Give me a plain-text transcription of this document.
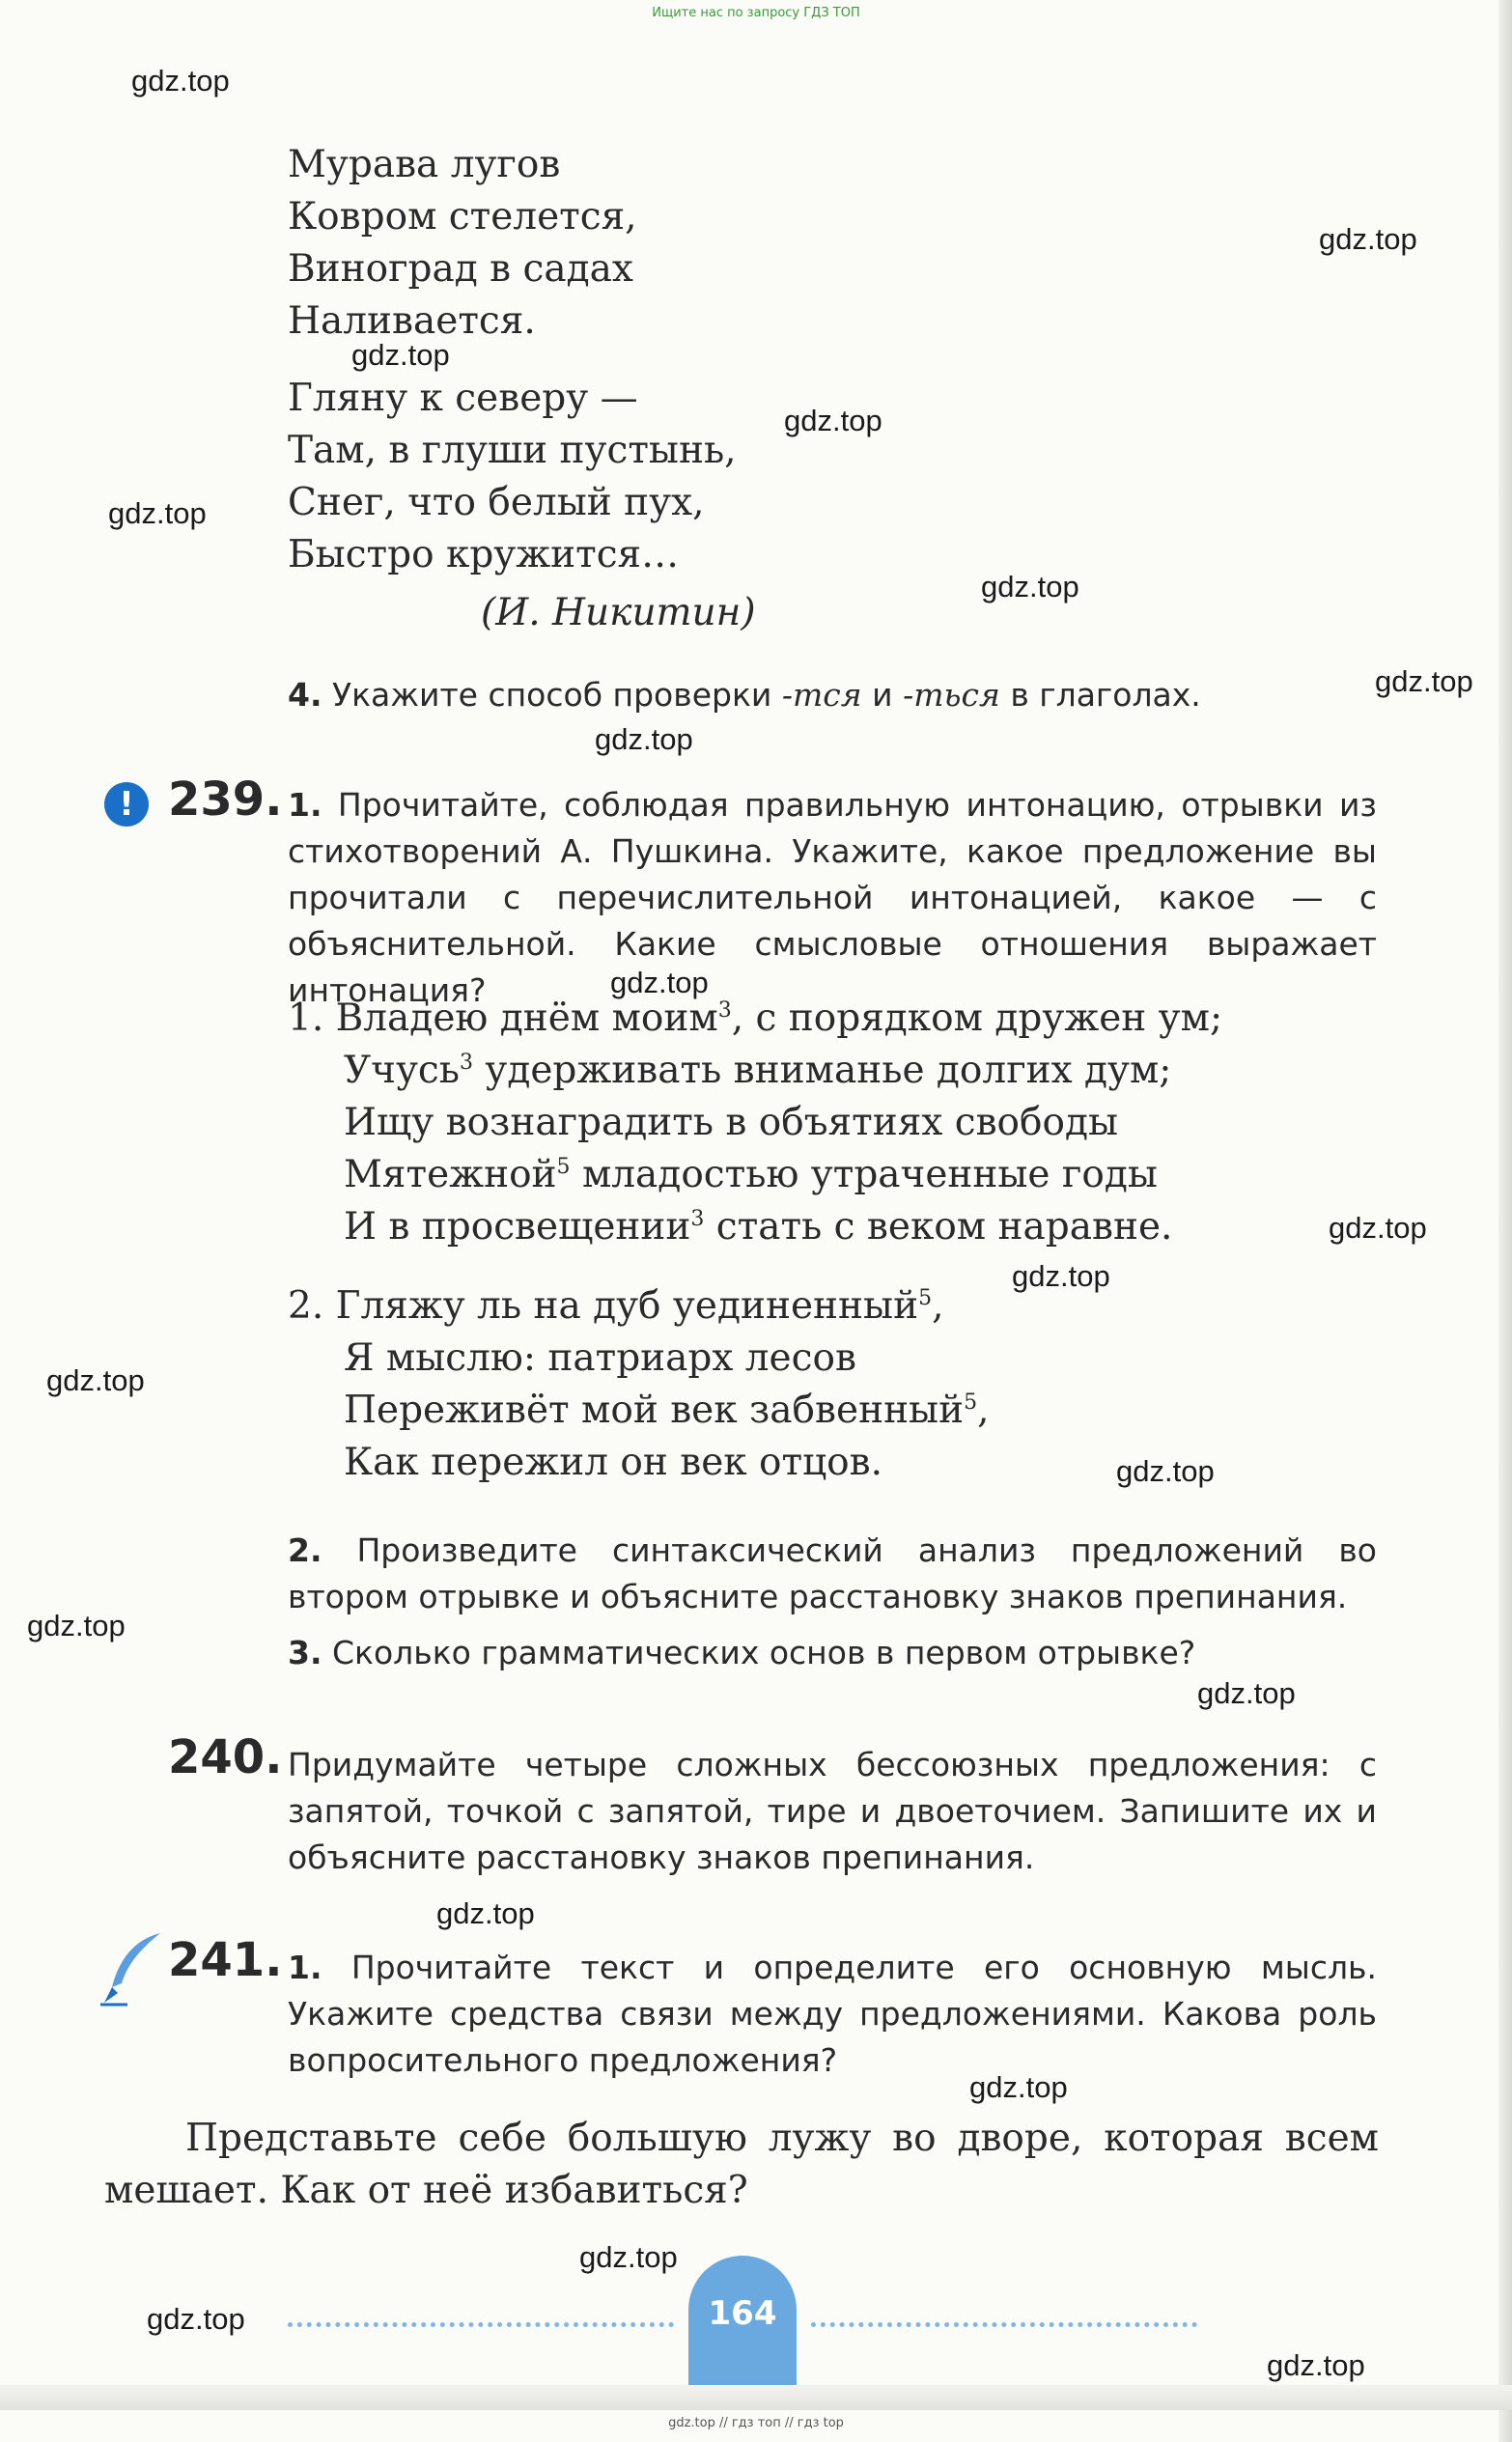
Ищите нас по запросу ГДЗ ТОП
Мурава лугов
Ковром стелется,
Виноград в садах
Наливается.
Гляну к северу —
Там, в глуши пустынь,
Снег, что белый пух,
Быстро кружится…
(И. Никитин)
4. Укажите способ проверки -тся и -ться в глаголах.
! 239. 1. Прочитайте, соблюдая правильную интонацию, отрывки из стихотворений А. Пушкина. Укажите, какое предложение вы прочитали с перечислительной интонацией, какое — с объяснительной. Какие смысловые отношения выражает интонация?
1. Владею днём моим$^3$, с порядком дружен ум;
Учусь$^3$ удерживать вниманье долгих дум;
Ищу вознаградить в объятиях свободы
Мятежной$^5$ младостью утраченные годы
И в просвещении$^3$ стать с веком наравне.
2. Гляжу ль на дуб уединенный$^5$,
Я мыслю: патриарх лесов
Переживёт мой век забвенный$^5$,
Как пережил он век отцов.
2. Произведите синтаксический анализ предложений во втором отрывке и объясните расстановку знаков препинания.
3. Сколько грамматических основ в первом отрывке?
240. Придумайте четыре сложных бессоюзных предложения: с запятой, точкой с запятой, тире и двоеточием. Запишите их и объясните расстановку знаков препинания.
241. 1. Прочитайте текст и определите его основную мысль. Укажите средства связи между предложениями. Какова роль вопросительного предложения?
Представьте себе большую лужу во дворе, которая всем мешает. Как от неё избавиться?
164
gdz.top // гдз топ // гдз top
gdz.top
gdz.top
gdz.top
gdz.top
gdz.top
gdz.top
gdz.top
gdz.top
gdz.top
gdz.top
gdz.top
gdz.top
gdz.top
gdz.top
gdz.top
gdz.top
gdz.top
gdz.top
gdz.top
gdz.top
